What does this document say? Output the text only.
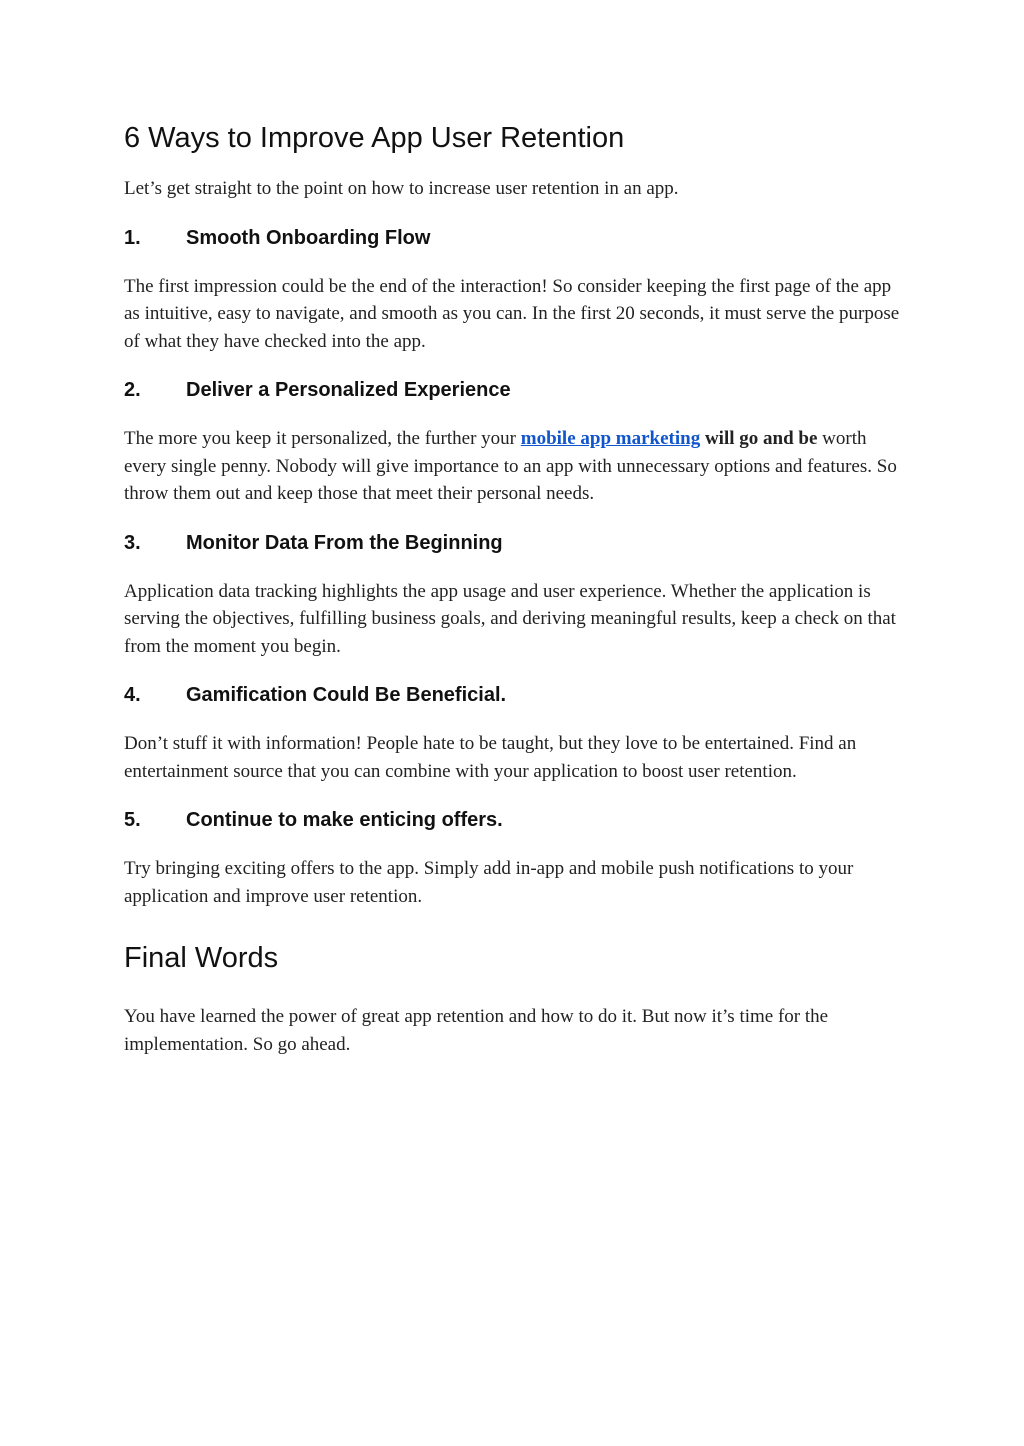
6 Ways to Improve App User Retention

Let’s get straight to the point on how to increase user retention in an app.

1.	Smooth Onboarding Flow

The first impression could be the end of the interaction! So consider keeping the first page of the app as intuitive, easy to navigate, and smooth as you can. In the first 20 seconds, it must serve the purpose of what they have checked into the app.

2.	Deliver a Personalized Experience

The more you keep it personalized, the further your mobile app marketing will go and be worth every single penny. Nobody will give importance to an app with unnecessary options and features. So throw them out and keep those that meet their personal needs.

3.	Monitor Data From the Beginning

Application data tracking highlights the app usage and user experience. Whether the application is serving the objectives, fulfilling business goals, and deriving meaningful results, keep a check on that from the moment you begin.

4.	Gamification Could Be Beneficial.

Don’t stuff it with information! People hate to be taught, but they love to be entertained. Find an entertainment source that you can combine with your application to boost user retention.

5.	Continue to make enticing offers.

Try bringing exciting offers to the app. Simply add in-app and mobile push notifications to your application and improve user retention.

Final Words

You have learned the power of great app retention and how to do it. But now it’s time for the implementation. So go ahead.
